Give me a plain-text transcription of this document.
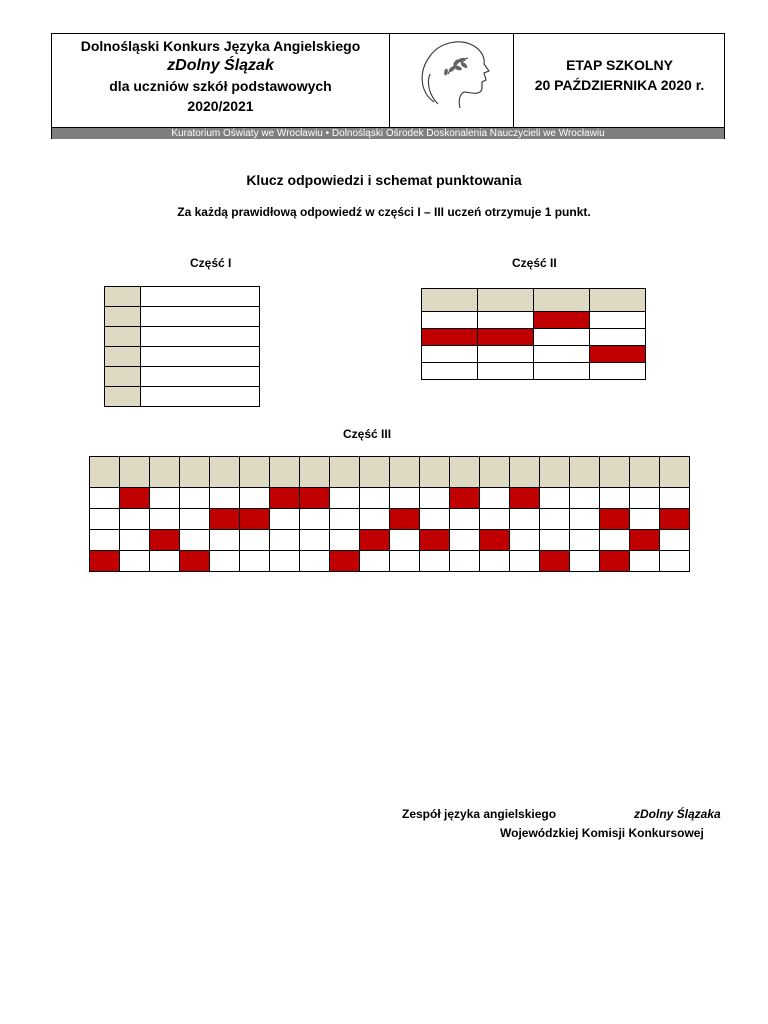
Dolnośląski Konkurs Języka Angielskiego
zDolny Ślązak
dla uczniów szkół podstawowych
2020/2021
ETAP SZKOLNY
20 PAŹDZIERNIKA 2020 r.
Kuratorium Oświaty we Wrocławiu • Dolnośląski Ośrodek Doskonalenia Nauczycieli we Wrocławiu
Klucz odpowiedzi i schemat punktowania
Za każdą prawidłową odpowiedź w części I – III uczeń otrzymuje 1 punkt.
Część I

		Część II

Część III

Zespół języka angielskiego	zDolny Ślązaka
Wojewódzkiej Komisji Konkursowej
